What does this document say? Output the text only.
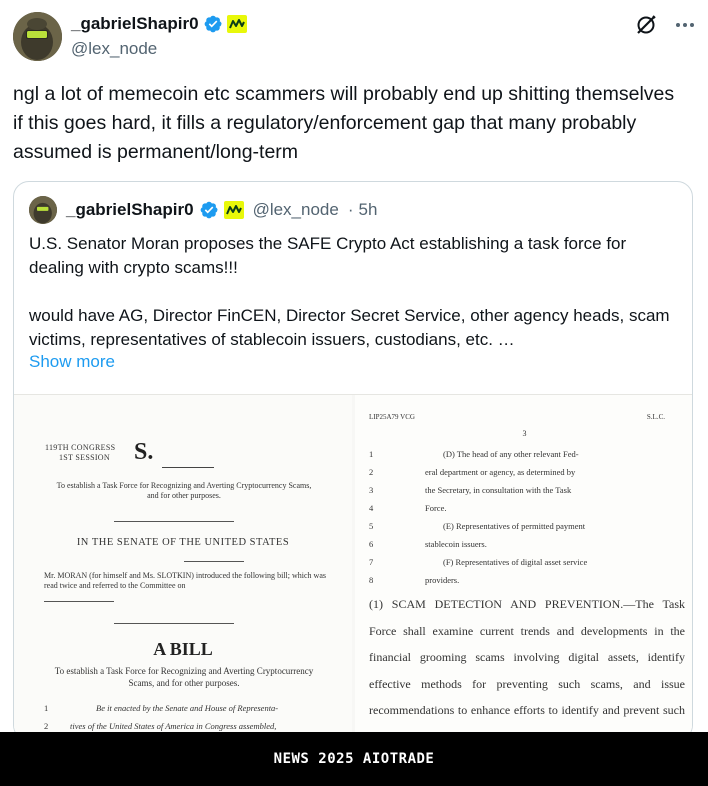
_gabrielShapir0
@lex_node
ngl a lot of memecoin etc scammers will probably end up shitting themselves if this goes hard, it fills a regulatory/enforcement gap that many probably assumed is permanent/long-term
_gabrielShapir0	@lex_node · 5h
U.S. Senator Moran proposes the SAFE Crypto Act establishing a task force for dealing with crypto scams!!!

would have AG, Director FinCEN, Director Secret Service, other agency heads, scam victims, representatives of stablecoin issuers, custodians, etc. …
Show more
119TH CONGRESS
1ST SESSION S.
To establish a Task Force for Recognizing and Averting Cryptocurrency Scams, and for other purposes.
IN THE SENATE OF THE UNITED STATES
Mr. MORAN (for himself and Ms. SLOTKIN) introduced the following bill; which was read twice and referred to the Committee on
A BILL
To establish a Task Force for Recognizing and Averting Cryptocurrency Scams, and for other purposes.
1	Be it enacted by the Senate and House of Representa-
2	tives of the United States of America in Congress assembled,
LIP25A79 VCG	S.L.C.
3
1	(D) The head of any other relevant Fed-
2	eral department or agency, as determined by
3	the Secretary, in consultation with the Task
4	Force.
5	(E) Representatives of permitted payment
6	stablecoin issuers.
7	(F) Representatives of digital asset service
8	providers.
(1) SCAM DETECTION AND PREVENTION.—The Task Force shall examine current trends and developments in the financial grooming scams involving digital assets, identify effective methods for preventing such scams, and issue recommendations to enhance efforts to identify and prevent such
NEWS 2025 AIOTRADE
